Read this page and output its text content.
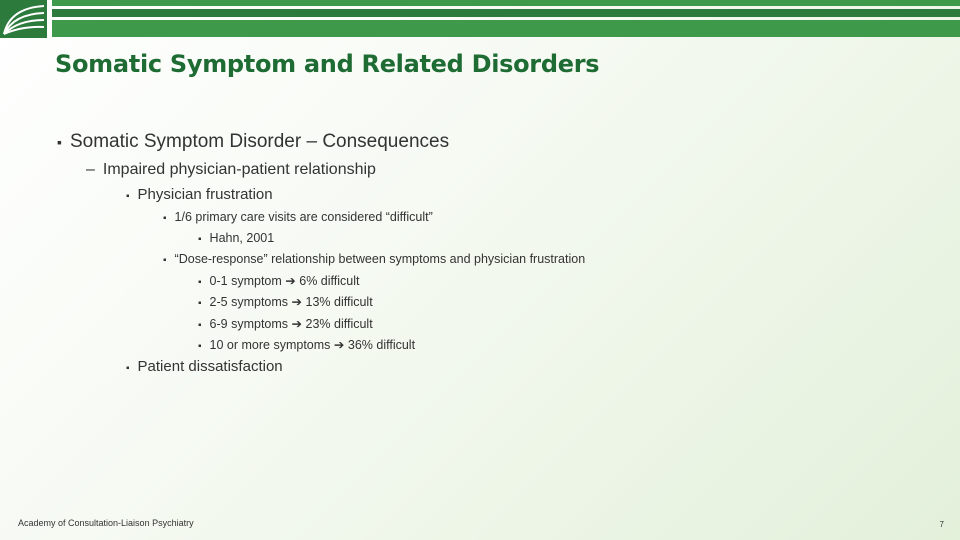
Somatic Symptom and Related Disorders
▪ Somatic Symptom Disorder – Consequences
– Impaired physician-patient relationship
▪ Physician frustration
▪ 1/6 primary care visits are considered “difficult”
▪ Hahn, 2001
▪ “Dose-response” relationship between symptoms and physician frustration
▪ 0-1 symptom ➔ 6% difficult
▪ 2-5 symptoms ➔ 13% difficult
▪ 6-9 symptoms ➔ 23% difficult
▪ 10 or more symptoms ➔ 36% difficult
▪ Patient dissatisfaction
Academy of Consultation-Liaison Psychiatry	7
